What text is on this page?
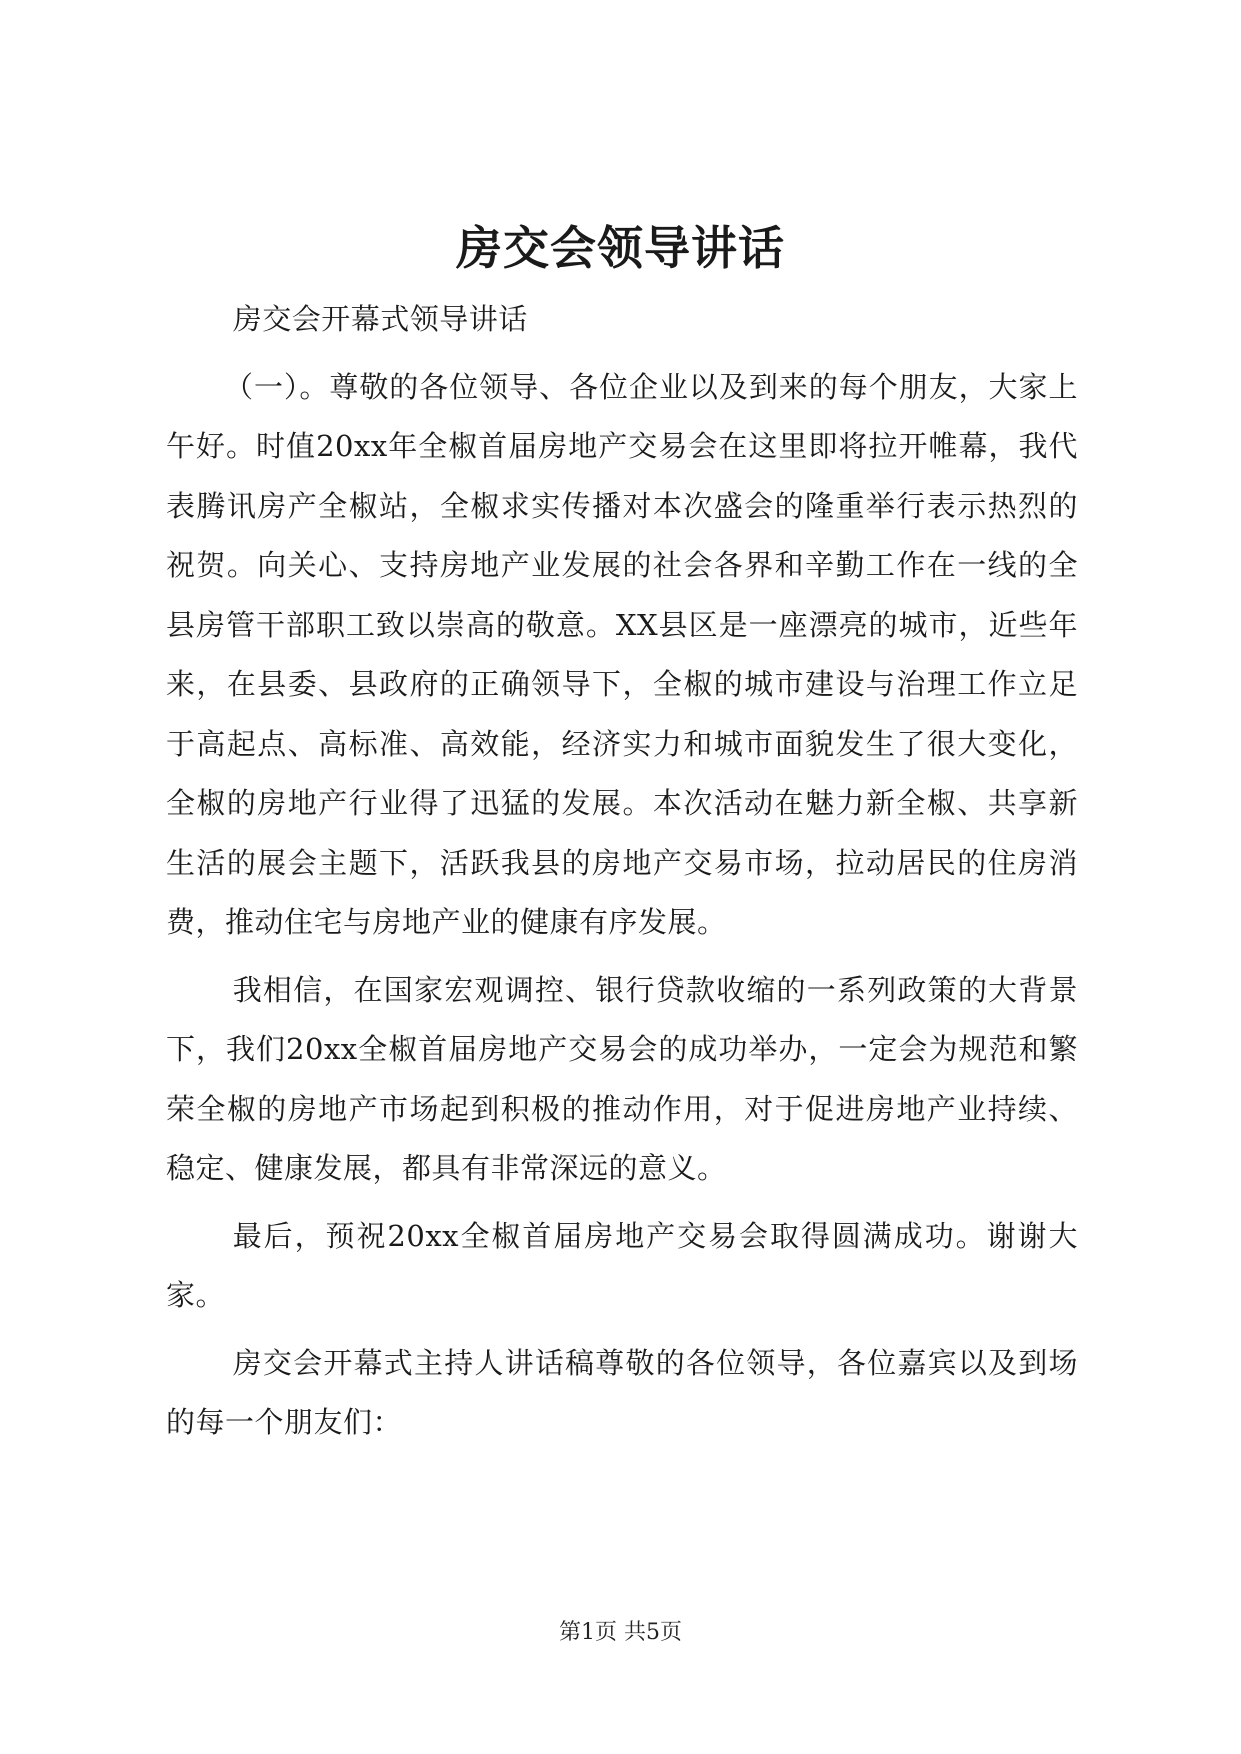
房交会领导讲话

房交会开幕式领导讲话

（一）。尊敬的各位领导、各位企业以及到来的每个朋友，大家上午好。时值20xx年全椒首届房地产交易会在这里即将拉开帷幕，我代表腾讯房产全椒站，全椒求实传播对本次盛会的隆重举行表示热烈的祝贺。向关心、支持房地产业发展的社会各界和辛勤工作在一线的全县房管干部职工致以崇高的敬意。XX县区是一座漂亮的城市，近些年来，在县委、县政府的正确领导下，全椒的城市建设与治理工作立足于高起点、高标准、高效能，经济实力和城市面貌发生了很大变化，全椒的房地产行业得了迅猛的发展。本次活动在魅力新全椒、共享新生活的展会主题下，活跃我县的房地产交易市场，拉动居民的住房消费，推动住宅与房地产业的健康有序发展。

我相信，在国家宏观调控、银行贷款收缩的一系列政策的大背景下，我们20xx全椒首届房地产交易会的成功举办，一定会为规范和繁荣全椒的房地产市场起到积极的推动作用，对于促进房地产业持续、稳定、健康发展，都具有非常深远的意义。

最后，预祝20xx全椒首届房地产交易会取得圆满成功。谢谢大家。

房交会开幕式主持人讲话稿尊敬的各位领导，各位嘉宾以及到场的每一个朋友们：

第1页 共5页
